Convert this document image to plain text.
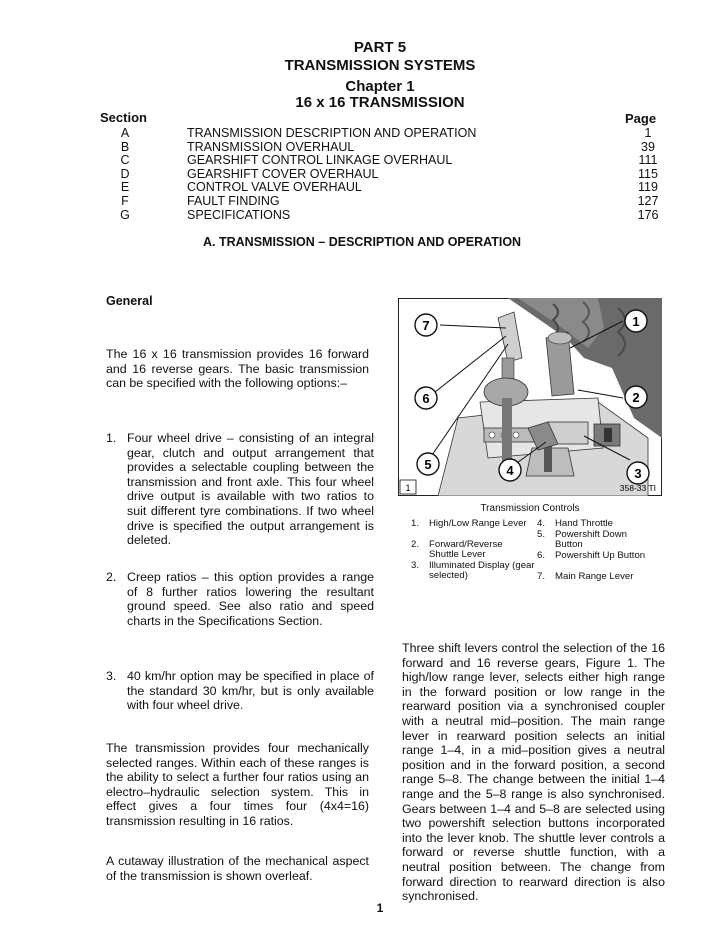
PART 5
TRANSMISSION SYSTEMS
Chapter 1
16 x 16 TRANSMISSION
Section	Page
A	TRANSMISSION DESCRIPTION AND OPERATION	1
B	TRANSMISSION OVERHAUL	39
C	GEARSHIFT CONTROL LINKAGE OVERHAUL	111
D	GEARSHIFT COVER OVERHAUL	115
E	CONTROL VALVE OVERHAUL	119
F	FAULT FINDING	127
G	SPECIFICATIONS	176
A. TRANSMISSION – DESCRIPTION AND OPERATION
General
The 16 x 16 transmission provides 16 forward and 16 reverse gears. The basic transmission can be specified with the following options:–
1. Four wheel drive – consisting of an integral gear, clutch and output arrangement that provides a selectable coupling between the transmission and front axle. This four wheel drive output is available with two ratios to suit different tyre combinations. If two wheel drive is specified the output arrangement is deleted.
2. Creep ratios – this option provides a range of 8 further ratios lowering the resultant ground speed. See also ratio and speed charts in the Specifications Section.
3. 40 km/hr option may be specified in place of the standard 30 km/hr, but is only available with four wheel drive.
The transmission provides four mechanically selected ranges. Within each of these ranges is the ability to select a further four ratios using an electro–hydraulic selection system. This in effect gives a four times four (4x4=16) transmission resulting in 16 ratios.
A cutaway illustration of the mechanical aspect of the transmission is shown overleaf.
7	1
6	2
5	4	3
1	358-33 TI
Transmission Controls
1. High/Low Range Lever
2. Forward/Reverse Shuttle Lever
3. Illuminated Display (gear selected)
4. Hand Throttle
5. Powershift Down Button
6. Powershift Up Button
7. Main Range Lever
Three shift levers control the selection of the 16 forward and 16 reverse gears, Figure 1. The high/low range lever, selects either high range in the forward position or low range in the rearward position via a synchronised coupler with a neutral mid–position. The main range lever in rearward position selects an initial range 1–4, in a mid–position gives a neutral position and in the forward position, a second range 5–8. The change between the initial 1–4 range and the 5–8 range is also synchronised. Gears between 1–4 and 5–8 are selected using two powershift selection buttons incorporated into the lever knob. The shuttle lever controls a forward or reverse shuttle function, with a neutral position between. The change from forward direction to rearward direction is also synchronised.
1
